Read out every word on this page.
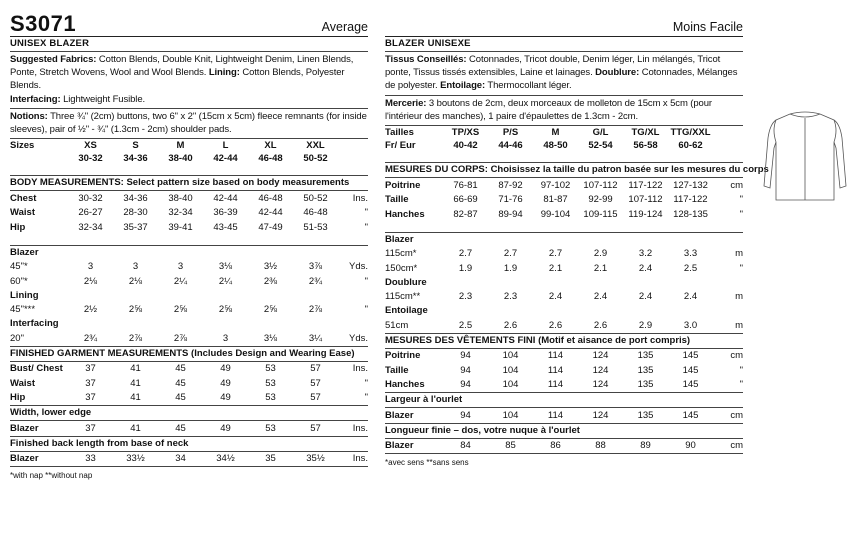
S3071	Average
UNISEX BLAZER
Suggested Fabrics: Cotton Blends, Double Knit, Lightweight Denim, Linen Blends, Ponte, Stretch Wovens, Wool and Wool Blends. Lining: Cotton Blends, Polyester Blends.
Interfacing: Lightweight Fusible.
Notions: Three ¾" (2cm) buttons, two 6" x 2" (15cm x 5cm) fleece remnants (for inside sleeves), pair of ½" - ¾" (1.3cm - 2cm) shoulder pads.
Sizes	XS	S	M	L	XL	XXL
30-32	34-36	38-40	42-44	46-48	50-52
BODY MEASUREMENTS: Select pattern size based on body measurements
Chest	30-32	34-36	38-40	42-44	46-48	50-52	Ins.
Waist	26-27	28-30	32-34	36-39	42-44	46-48	"
Hip	32-34	35-37	39-41	43-45	47-49	51-53	"
Blazer
45"*	3	3	3	3⅛	3½	3⅞	Yds.
60"*	2⅛	2⅛	2¼	2¼	2⅜	2¾	"
Lining
45"***	2½	2⅝	2⅝	2⅝	2⅝	2⅞	"
Interfacing
20"	2¾	2⅞	2⅞	3	3⅛	3¼	Yds.
FINISHED GARMENT MEASUREMENTS (Includes Design and Wearing Ease)
Bust/ Chest	37	41	45	49	53	57	Ins.
Waist	37	41	45	49	53	57	"
Hip	37	41	45	49	53	57	"
Width, lower edge
Blazer	37	41	45	49	53	57	Ins.
Finished back length from base of neck
Blazer	33	33½	34	34½	35	35½	Ins.
*with nap **without nap
Moins Facile
BLAZER UNISEXE
Tissus Conseillés: Cotonnades, Tricot double, Denim léger, Lin mélangés, Tricot ponte, Tissus tissés extensibles, Laine et lainages. Doublure: Cotonnades, Mélanges de polyester. Entoilage: Thermocollant léger.
Mercerie: 3 boutons de 2cm, deux morceaux de molleton de 15cm x 5cm (pour l'intérieur des manches), 1 paire d'épaulettes de 1.3cm - 2cm.
Tailles	TP/XS	P/S	M	G/L	TG/XL	TTG/XXL
Fr/ Eur	40-42	44-46	48-50	52-54	56-58	60-62
MESURES DU CORPS: Choisissez la taille du patron basée sur les mesures du corps
Poitrine	76-81	87-92	97-102	107-112	117-122	127-132	cm
Taille	66-69	71-76	81-87	92-99	107-112	117-122	"
Hanches	82-87	89-94	99-104	109-115	119-124	128-135	"
Blazer
115cm*	2.7	2.7	2.7	2.9	3.2	3.3	m
150cm*	1.9	1.9	2.1	2.1	2.4	2.5	"
Doublure
115cm**	2.3	2.3	2.4	2.4	2.4	2.4	m
Entoilage
51cm	2.5	2.6	2.6	2.6	2.9	3.0	m
MESURES DES VÊTEMENTS FINI (Motif et aisance de port compris)
Poitrine	94	104	114	124	135	145	cm
Taille	94	104	114	124	135	145	"
Hanches	94	104	114	124	135	145	"
Largeur à l'ourlet
Blazer	94	104	114	124	135	145	cm
Longueur finie – dos, votre nuque à l'ourlet
Blazer	84	85	86	88	89	90	cm
*avec sens **sans sens
